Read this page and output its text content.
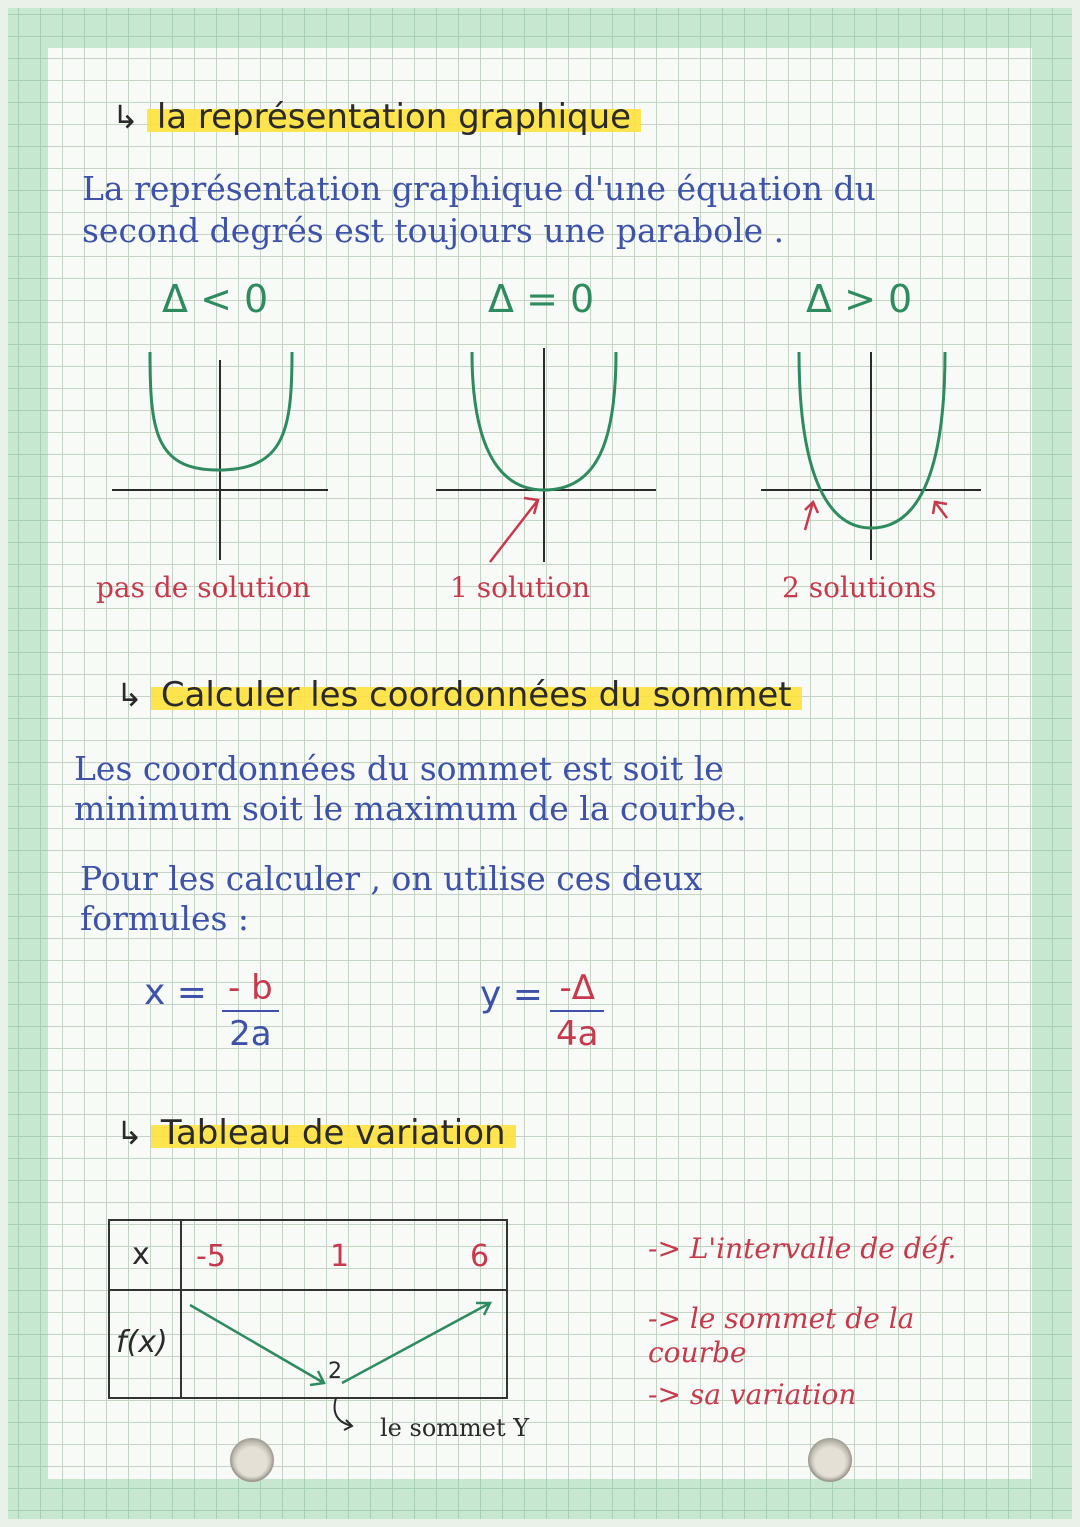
↳ la représentation graphique
La représentation graphique d'une équation du
second degrés est toujours une parabole .
Δ < 0	Δ = 0	Δ > 0
pas de solution	1 solution	2 solutions
↳ Calculer les coordonnées du sommet
Les coordonnées du sommet est soit le
minimum soit le maximum de la courbe.
Pour les calculer , on utilise ces deux
formules :
x = - b
2a
y = -Δ
4a
↳ Tableau de variation
x	-5 1 6

f(x)	2
le sommet Y
-> L'intervalle de déf.
-> le sommet de la courbe
-> sa variation
